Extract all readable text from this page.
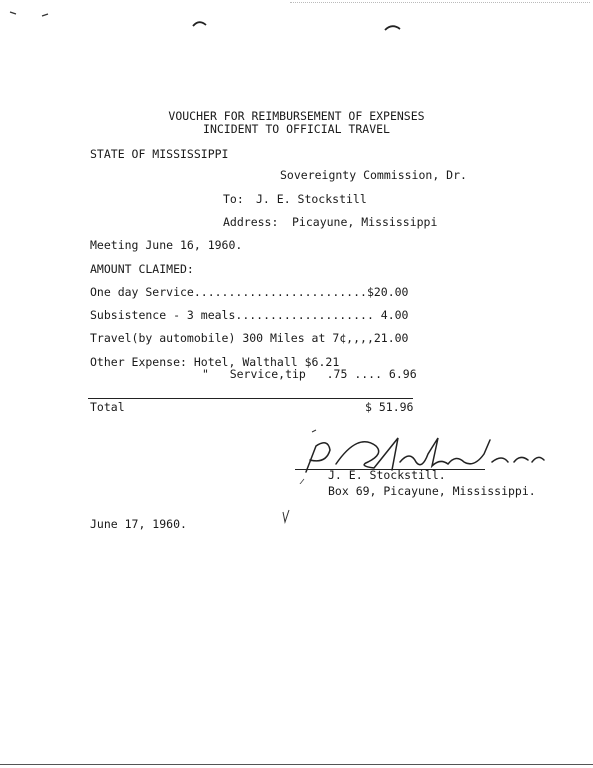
VOUCHER FOR REIMBURSEMENT OF EXPENSES
INCIDENT TO OFFICIAL TRAVEL
STATE OF MISSISSIPPI
Sovereignty Commission, Dr.
To: J. E. Stockstill
Address: Picayune, Mississippi
Meeting June 16, 1960.
AMOUNT CLAIMED:
One day Service.........................$20.00
Subsistence - 3 meals.................... 4.00
Travel(by automobile) 300 Miles at 7¢,,,,21.00
Other Expense: Hotel, Walthall $6.21
"   Service,tip   .75 .... 6.96
Total	$ 51.96
J. E. Stockstill.
Box 69, Picayune, Mississippi.
June 17, 1960.
